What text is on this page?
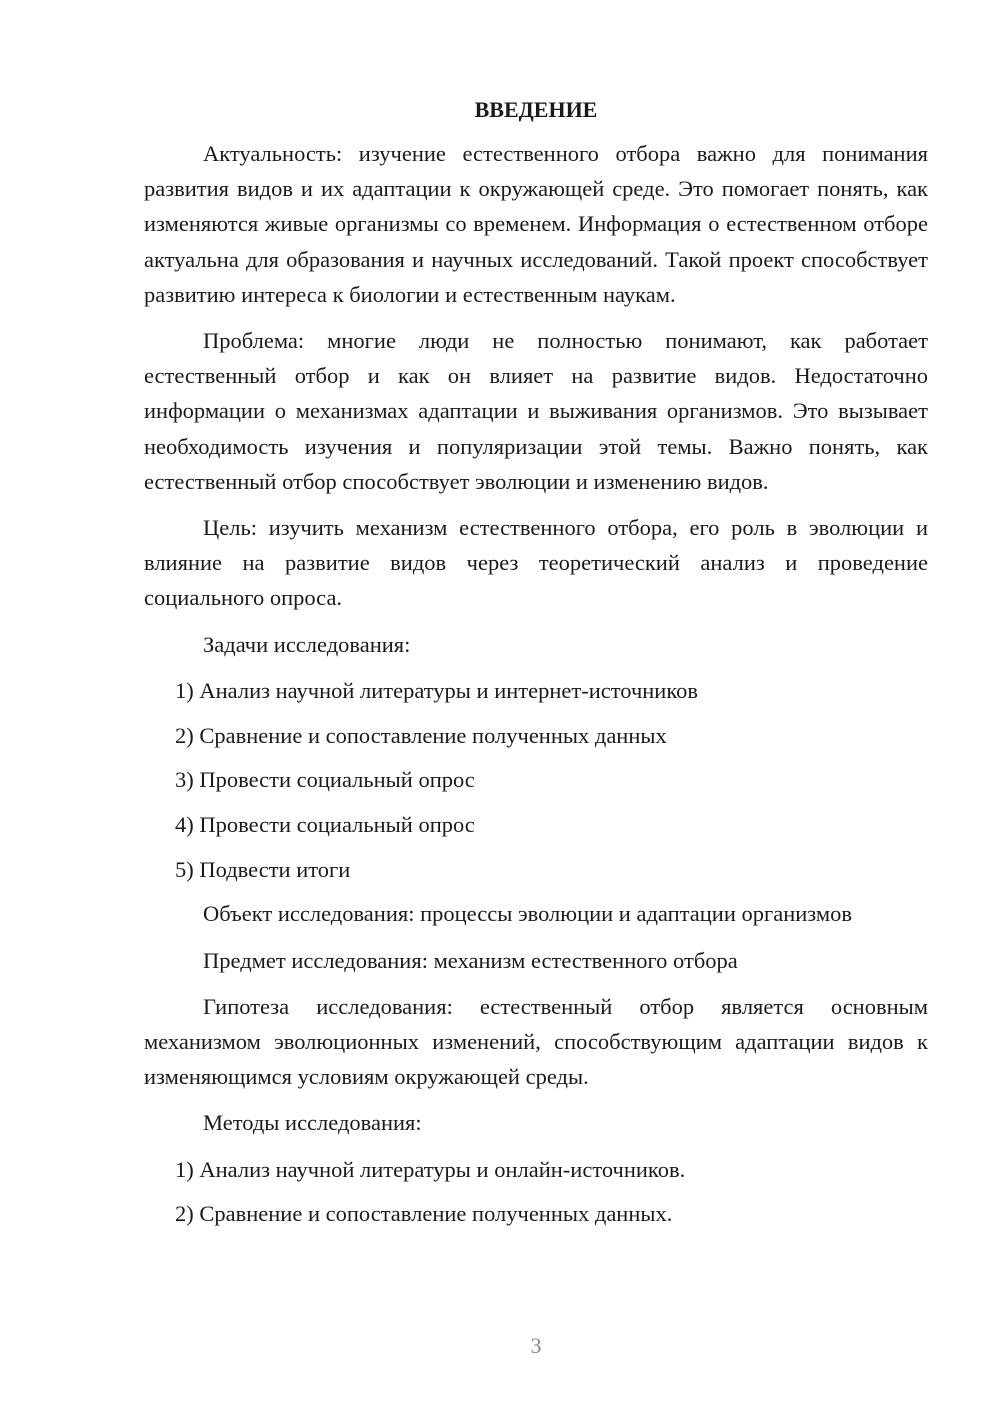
ВВЕДЕНИЕ

Актуальность: изучение естественного отбора важно для понимания развития видов и их адаптации к окружающей среде. Это помогает понять, как изменяются живые организмы со временем. Информация о естественном отборе актуальна для образования и научных исследований. Такой проект способствует развитию интереса к биологии и естественным наукам.

Проблема: многие люди не полностью понимают, как работает естественный отбор и как он влияет на развитие видов. Недостаточно информации о механизмах адаптации и выживания организмов. Это вызывает необходимость изучения и популяризации этой темы. Важно понять, как естественный отбор способствует эволюции и изменению видов.

Цель: изучить механизм естественного отбора, его роль в эволюции и влияние на развитие видов через теоретический анализ и проведение социального опроса.

Задачи исследования:
1) Анализ научной литературы и интернет-источников
2) Сравнение и сопоставление полученных данных
3) Провести социальный опрос
4) Провести социальный опрос
5) Подвести итоги
Объект исследования: процессы эволюции и адаптации организмов
Предмет исследования: механизм естественного отбора

Гипотеза исследования: естественный отбор является основным механизмом эволюционных изменений, способствующим адаптации видов к изменяющимся условиям окружающей среды.

Методы исследования:
1) Анализ научной литературы и онлайн-источников.
2) Сравнение и сопоставление полученных данных.
3
